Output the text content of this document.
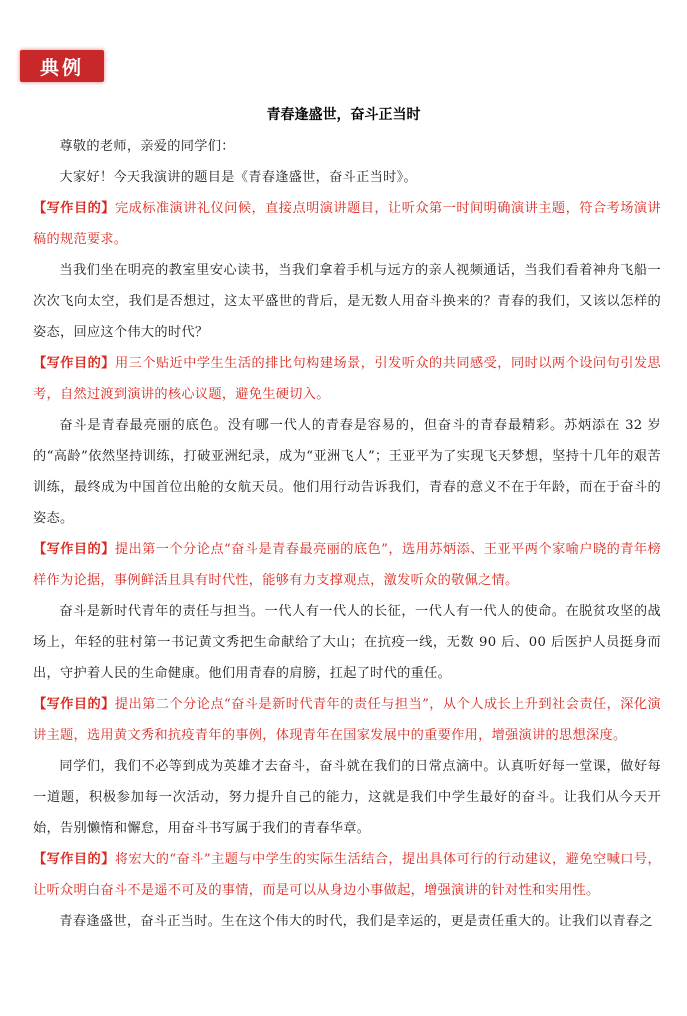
典例
青春逢盛世，奋斗正当时

尊敬的老师，亲爱的同学们：

大家好！今天我演讲的题目是《青春逢盛世，奋斗正当时》。

【写作目的】完成标准演讲礼仪问候，直接点明演讲题目，让听众第一时间明确演讲主题，符合考场演讲稿的规范要求。

当我们坐在明亮的教室里安心读书，当我们拿着手机与远方的亲人视频通话，当我们看着神舟飞船一次次飞向太空，我们是否想过，这太平盛世的背后，是无数人用奋斗换来的？青春的我们，又该以怎样的姿态，回应这个伟大的时代？

【写作目的】用三个贴近中学生生活的排比句构建场景，引发听众的共同感受，同时以两个设问句引发思考，自然过渡到演讲的核心议题，避免生硬切入。

奋斗是青春最亮丽的底色。没有哪一代人的青春是容易的，但奋斗的青春最精彩。苏炳添在 32 岁的“高龄”依然坚持训练，打破亚洲纪录，成为“亚洲飞人”；王亚平为了实现飞天梦想，坚持十几年的艰苦训练，最终成为中国首位出舱的女航天员。他们用行动告诉我们，青春的意义不在于年龄，而在于奋斗的姿态。

【写作目的】提出第一个分论点“奋斗是青春最亮丽的底色”，选用苏炳添、王亚平两个家喻户晓的青年榜样作为论据，事例鲜活且具有时代性，能够有力支撑观点，激发听众的敬佩之情。

奋斗是新时代青年的责任与担当。一代人有一代人的长征，一代人有一代人的使命。在脱贫攻坚的战场上，年轻的驻村第一书记黄文秀把生命献给了大山；在抗疫一线，无数 90 后、00 后医护人员挺身而出，守护着人民的生命健康。他们用青春的肩膀，扛起了时代的重任。

【写作目的】提出第二个分论点“奋斗是新时代青年的责任与担当”，从个人成长上升到社会责任，深化演讲主题，选用黄文秀和抗疫青年的事例，体现青年在国家发展中的重要作用，增强演讲的思想深度。

同学们，我们不必等到成为英雄才去奋斗，奋斗就在我们的日常点滴中。认真听好每一堂课，做好每一道题，积极参加每一次活动，努力提升自己的能力，这就是我们中学生最好的奋斗。让我们从今天开始，告别懒惰和懈怠，用奋斗书写属于我们的青春华章。

【写作目的】将宏大的“奋斗”主题与中学生的实际生活结合，提出具体可行的行动建议，避免空喊口号，让听众明白奋斗不是遥不可及的事情，而是可以从身边小事做起，增强演讲的针对性和实用性。

青春逢盛世，奋斗正当时。生在这个伟大的时代，我们是幸运的，更是责任重大的。让我们以青春之
